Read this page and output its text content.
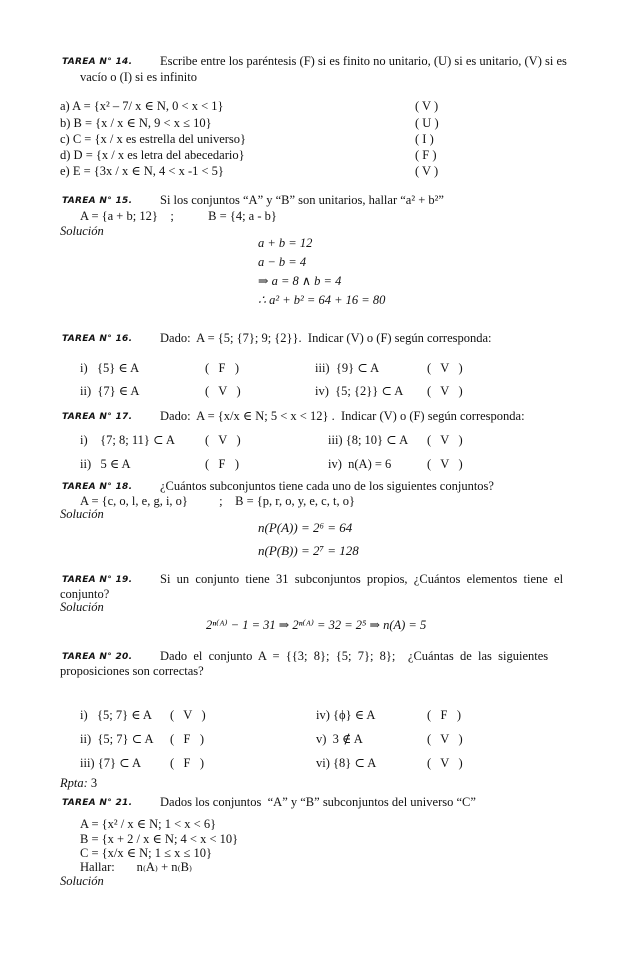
TAREA N° 14. Escribe entre los paréntesis (F) si es finito no unitario, (U) si es unitario, (V) si es
vacío o (I) si es infinito
a) A = {x² – 7/ x ∈ N, 0 < x < 1}	( V )
b) B = {x / x ∈ N, 9 < x ≤ 10}	( U )
c) C = {x / x es estrella del universo}	( I )
d) D = {x / x es letra del abecedario}	( F )
e) E = {3x / x ∈ N, 4 < x -1 < 5}	( V )
TAREA N° 15. Si los conjuntos “A” y “B” son unitarios, hallar “a² + b²”
A = {a + b; 12}    ;           B = {4; a - b}
Solución
a + b = 12
a − b = 4
⇒ a = 8 ∧ b = 4
∴ a² + b² = 64 + 16 = 80
TAREA N° 16. Dado:  A = {5; {7}; 9; {2}}.  Indicar (V) o (F) según corresponda:
i)   {5} ∈ A	(   F   )	iii)  {9} ⊂ A	(   V   )
ii)  {7} ∈ A	(   V   )	iv)  {5; {2}} ⊂ A (   V   )
TAREA N° 17. Dado:  A = {x/x ∈ N; 5 < x < 12} .  Indicar (V) o (F) según corresponda:
i)    {7; 8; 11} ⊂ A (   V   )	iii) {8; 10} ⊂ A (   V   )
ii)   5 ∈ A	(   F   )	iv)  n(A) = 6	(   V   )
TAREA N° 18. ¿Cuántos subconjuntos tiene cada uno de los siguientes conjuntos?
A = {c, o, l, e, g, i, o}          ;    B = {p, r, o, y, e, c, t, o}
Solución
n(P(A)) = 2⁶ = 64
n(P(B)) = 2⁷ = 128
TAREA N° 19. Si  un  conjunto  tiene  31  subconjuntos  propios,  ¿Cuántos  elementos  tiene  el
conjunto?
Solución
2ⁿ⁽ᴬ⁾ − 1 = 31 ⇒ 2ⁿ⁽ᴬ⁾ = 32 = 2⁵ ⇒ n(A) = 5
TAREA N° 20. Dado  el  conjunto  A  =  {{3;  8};  {5;  7};  8};    ¿Cuántas  de  las  siguientes
proposiciones son correctas?
i)   {5; 7} ∈ A (   V   )	iv) {ϕ} ∈ A	(   F   )
ii)  {5; 7} ⊂ A (   F   )	v)  3 ∉ A	(   V   )
iii) {7} ⊂ A (   F   )	vi) {8} ⊂ A	(   V   )
Rpta: 3
TAREA N° 21. Dados los conjuntos  “A” y “B” subconjuntos del universo “C”
A = {x² / x ∈ N; 1 < x < 6}
B = {x + 2 / x ∈ N; 4 < x < 10}
C = {x/x ∈ N; 1 ≤ x ≤ 10}
Hallar:       n₍A₎ + n₍B₎
Solución
